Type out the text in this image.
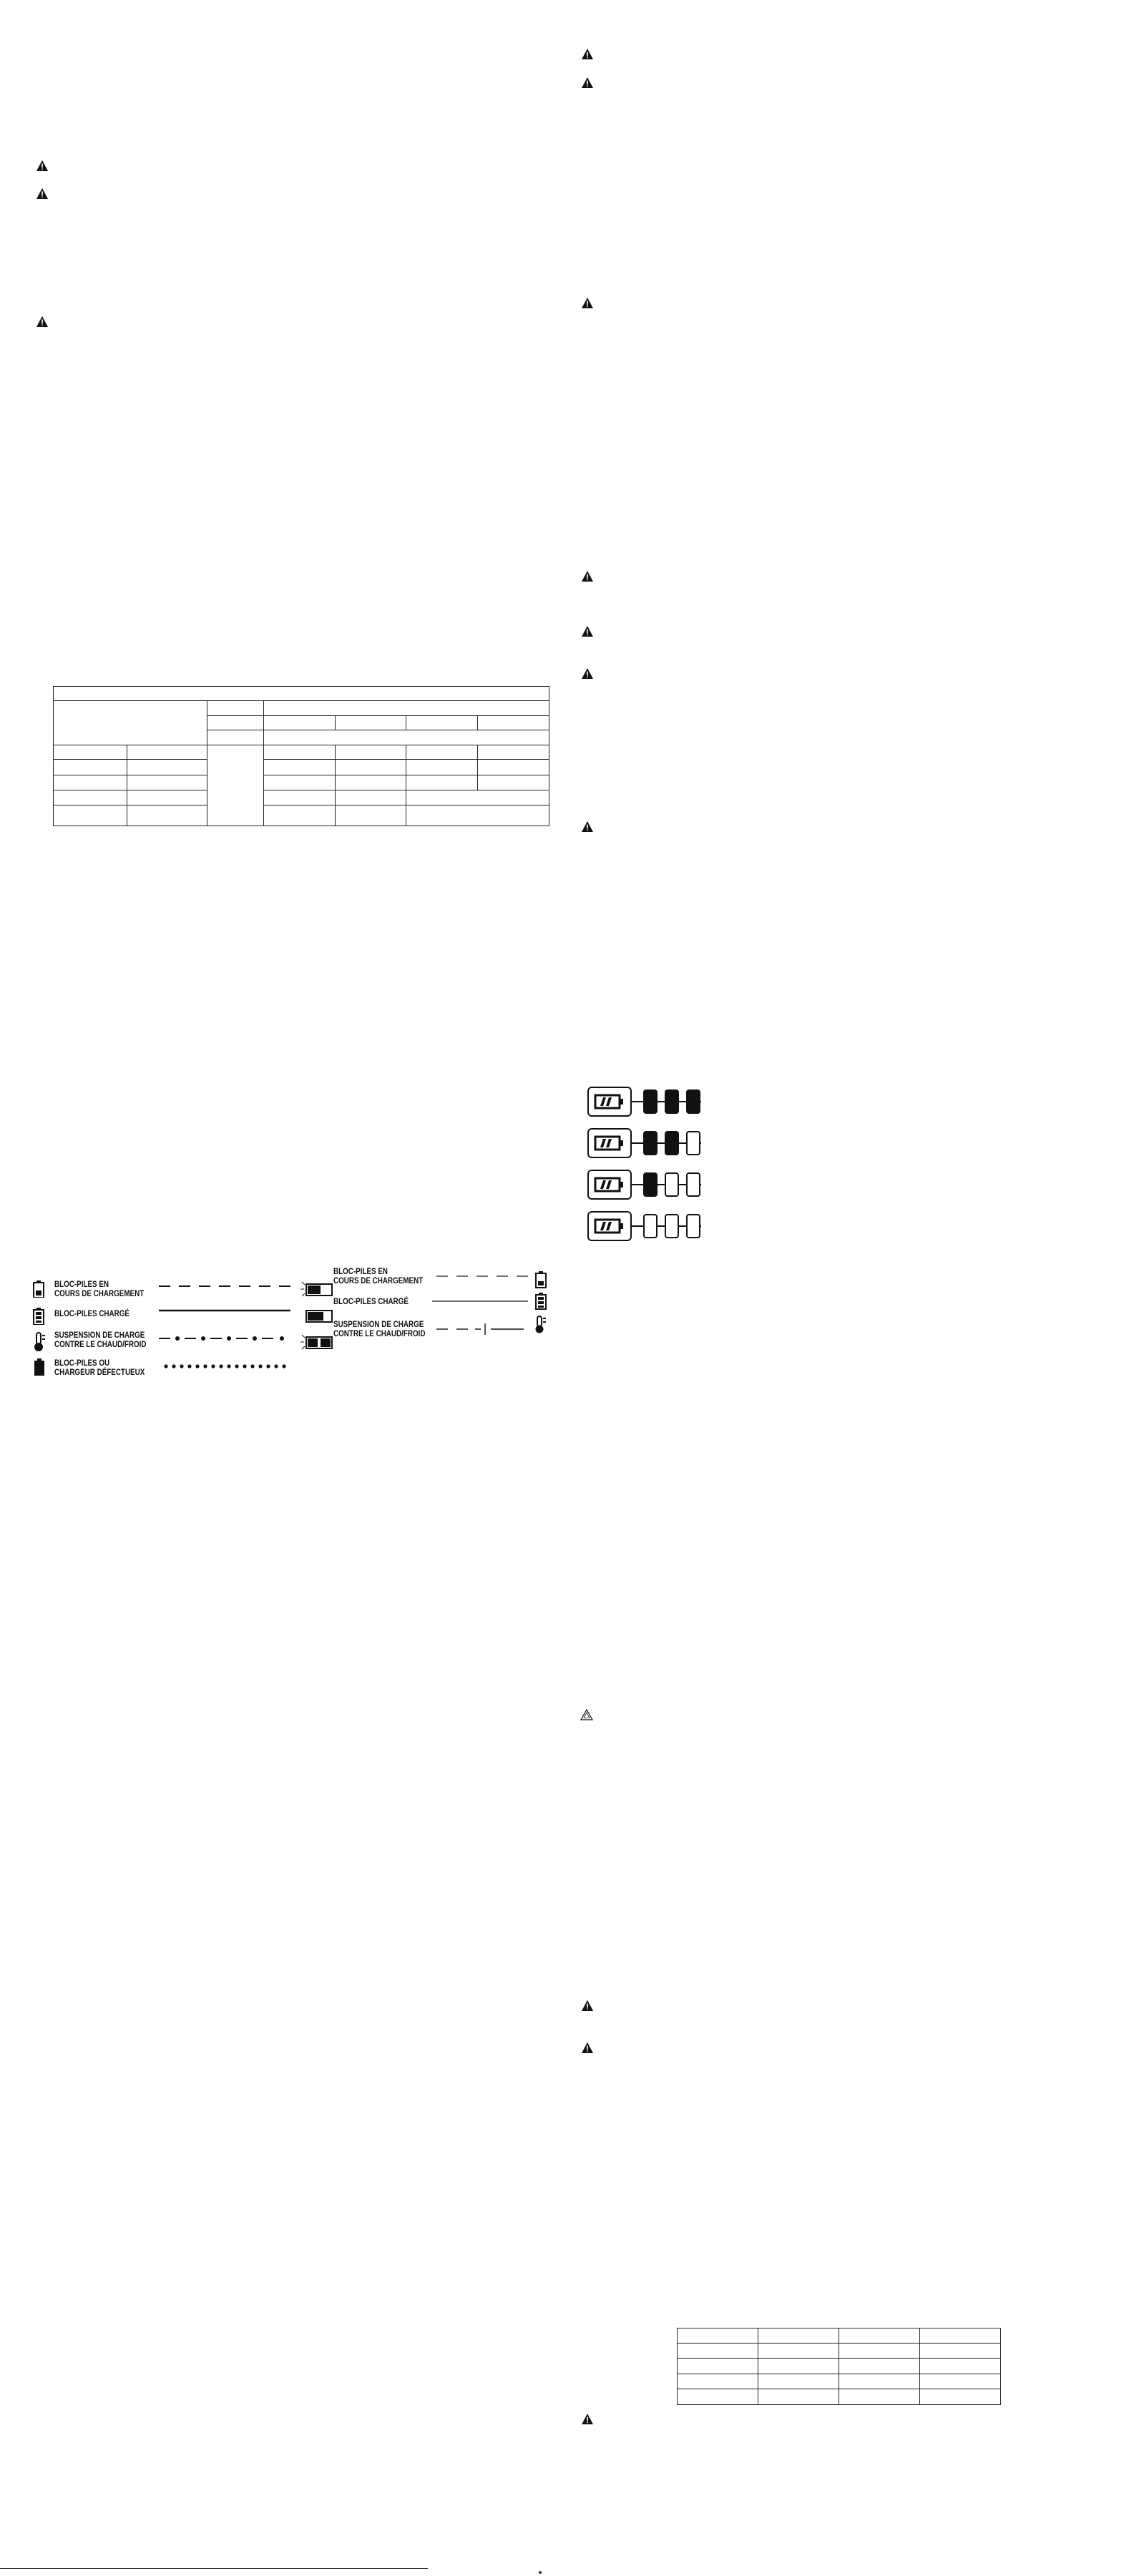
BLOC-PILES EN
COURS DE CHARGEMENT
BLOC-PILES CHARGÉ
SUSPENSION DE CHARGE
CONTRE LE CHAUD/FROID
BLOC-PILES OU
CHARGEUR DÉFECTUEUX
BLOC-PILES EN
COURS DE CHARGEMENT
BLOC-PILES CHARGÉ
SUSPENSION DE CHARGE
CONTRE LE CHAUD/FROID
